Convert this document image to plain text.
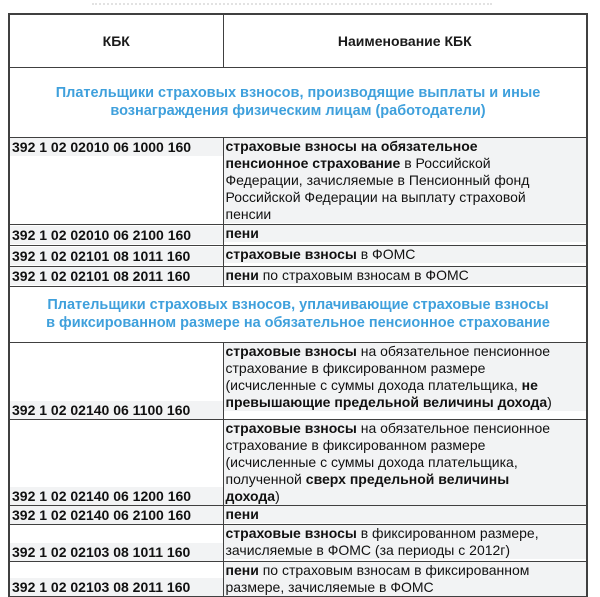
КБК	Наименование КБК

Плательщики страховых взносов, производящие выплаты и иные вознаграждения физическим лицам (работодатели)	

392 1 02 02010 06 1000 160	страховые взносы на обязательное пенсионное страхование в Российской Федерации, зачисляемые в Пенсионный фонд Российской Федерации на выплату страховой пенсии

392 1 02 02010 06 2100 160	пени

392 1 02 02101 08 1011 160	страховые взносы в ФОМС

392 1 02 02101 08 2011 160	пени по страховым взносам в ФОМС

Плательщики страховых взносов, уплачивающие страховые взносы в фиксированном размере на обязательное пенсионное страхование	

392 1 02 02140 06 1100 160	страховые взносы на обязательное пенсионное страхование в фиксированном размере (исчисленные с суммы дохода плательщика, не превышающие предельной величины дохода)

392 1 02 02140 06 1200 160	страховые взносы на обязательное пенсионное страхование в фиксированном размере (исчисленные с суммы дохода плательщика, полученной сверх предельной величины дохода)

392 1 02 02140 06 2100 160	пени

392 1 02 02103 08 1011 160	страховые взносы в фиксированном размере, зачисляемые в ФОМС (за периоды с 2012г)

392 1 02 02103 08 2011 160	пени по страховым взносам в фиксированном размере, зачисляемые в ФОМС
